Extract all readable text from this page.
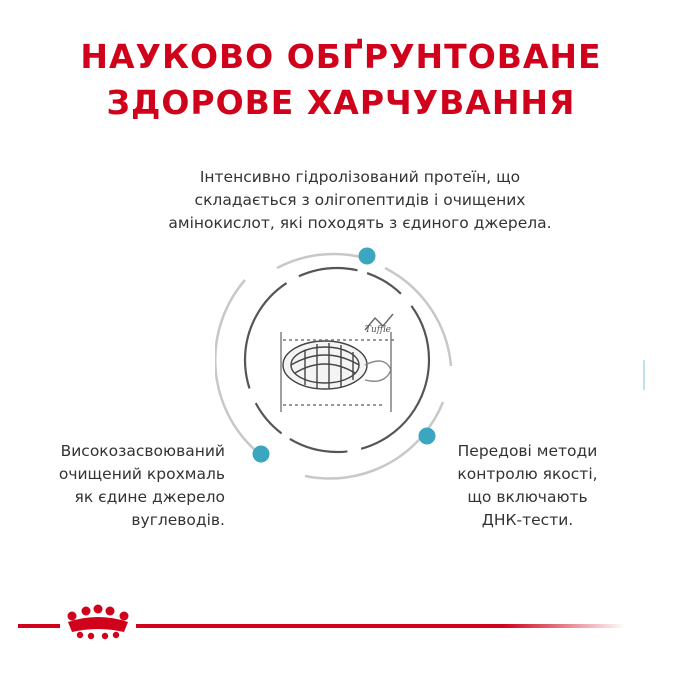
НАУКОВО ОБҐРУНТОВАНЕ
ЗДОРОВЕ ХАРЧУВАННЯ
Інтенсивно гідролізований протеїн, що
складається з олігопептидів і очищених
амінокислот, які походять з єдиного джерела.
Tuffle
Високозасвоюваний
очищений крохмаль
як єдине джерело
вуглеводів.
Передові методи
контролю якості,
що включають
ДНК-тести.
